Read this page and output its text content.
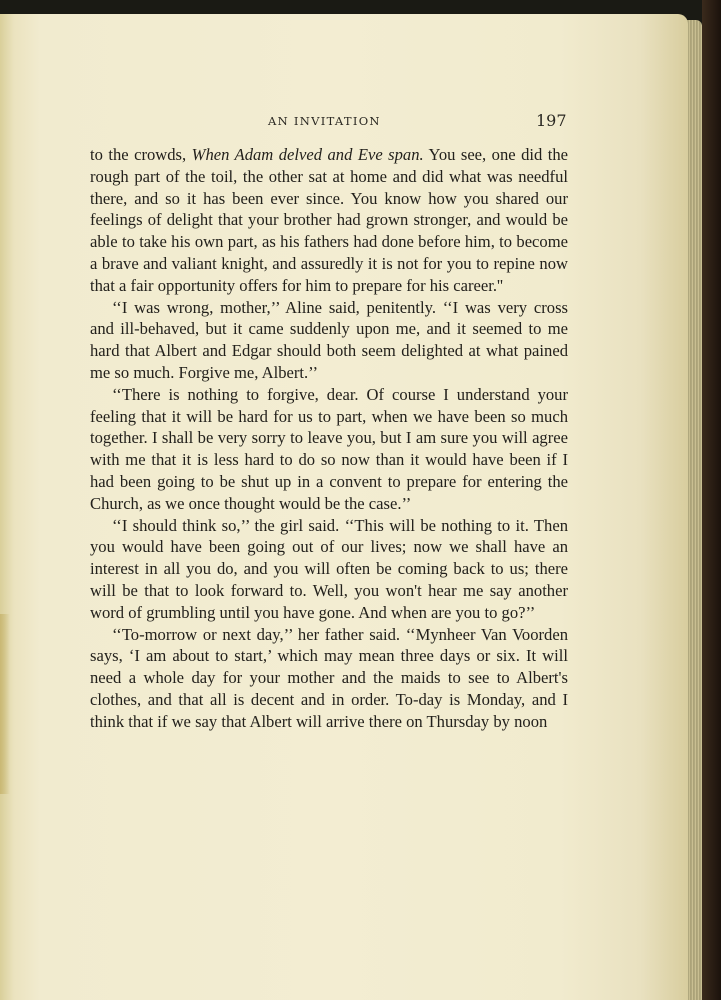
AN INVITATION	197

to the crowds, When Adam delved and Eve span. You see, one did the rough part of the toil, the other sat at home and did what was needful there, and so it has been ever since. You know how you shared our feelings of delight that your brother had grown stronger, and would be able to take his own part, as his fathers had done before him, to become a brave and valiant knight, and assuredly it is not for you to repine now that a fair opportunity offers for him to prepare for his career.''

‘‘I was wrong, mother,’’ Aline said, penitently. ‘‘I was very cross and ill-behaved, but it came suddenly upon me, and it seemed to me hard that Albert and Edgar should both seem delighted at what pained me so much. Forgive me, Albert.’’

‘‘There is nothing to forgive, dear. Of course I understand your feeling that it will be hard for us to part, when we have been so much together. I shall be very sorry to leave you, but I am sure you will agree with me that it is less hard to do so now than it would have been if I had been going to be shut up in a convent to prepare for entering the Church, as we once thought would be the case.’’

‘‘I should think so,’’ the girl said. ‘‘This will be nothing to it. Then you would have been going out of our lives; now we shall have an interest in all you do, and you will often be coming back to us; there will be that to look forward to. Well, you won't hear me say another word of grumbling until you have gone. And when are you to go?’’

‘‘To-morrow or next day,’’ her father said. ‘‘Mynheer Van Voorden says, ‘I am about to start,’ which may mean three days or six. It will need a whole day for your mother and the maids to see to Albert's clothes, and that all is decent and in order. To-day is Monday, and I think that if we say that Albert will arrive there on Thursday by noon
